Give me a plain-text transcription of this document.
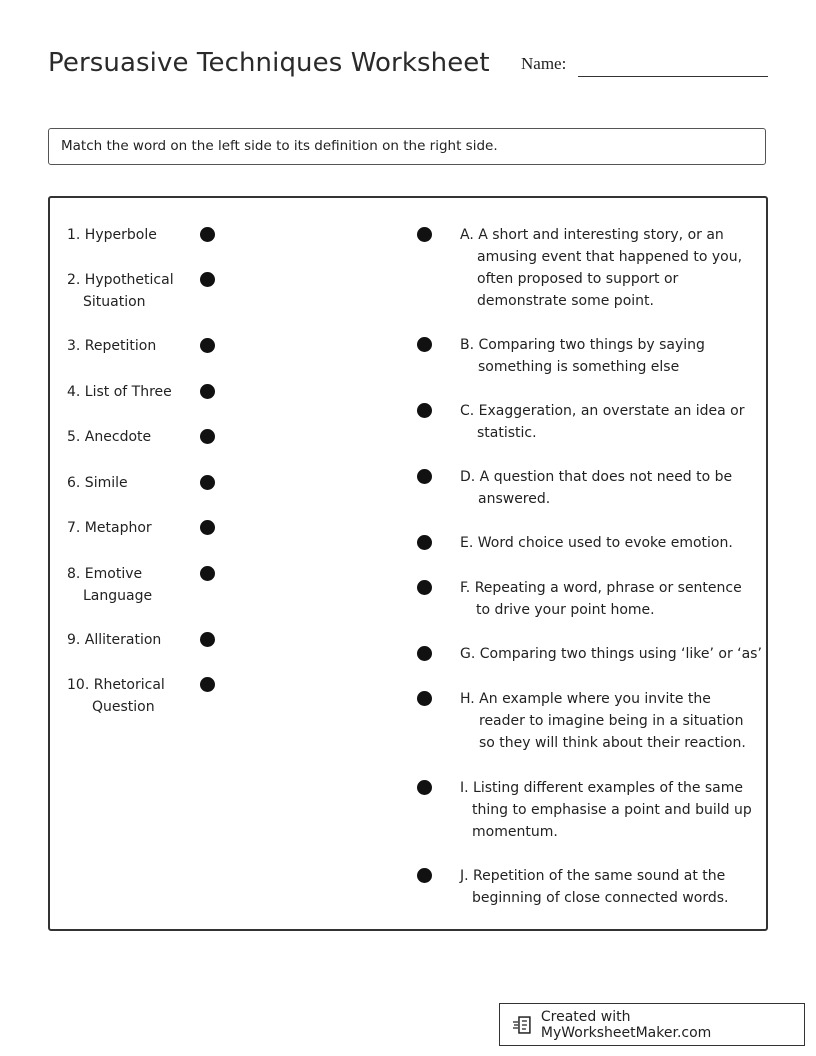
Persuasive Techniques Worksheet Name:
Match the word on the left side to its definition on the right side.
1. Hyperbole
2. Hypothetical
Situation
3. Repetition
4. List of Three
5. Anecdote
6. Simile
7. Metaphor
8. Emotive
Language
9. Alliteration
10. Rhetorical
Question
A. A short and interesting story, or an
amusing event that happened to you,
often proposed to support or
demonstrate some point.
B. Comparing two things by saying
something is something else
C. Exaggeration, an overstate an idea or
statistic.
D. A question that does not need to be
answered.
E. Word choice used to evoke emotion.
F. Repeating a word, phrase or sentence
to drive your point home.
G. Comparing two things using ‘like’ or ‘as’
H. An example where you invite the
reader to imagine being in a situation
so they will think about their reaction.
I. Listing different examples of the same
thing to emphasise a point and build up
momentum.
J. Repetition of the same sound at the
beginning of close connected words.
Created with MyWorksheetMaker.com
